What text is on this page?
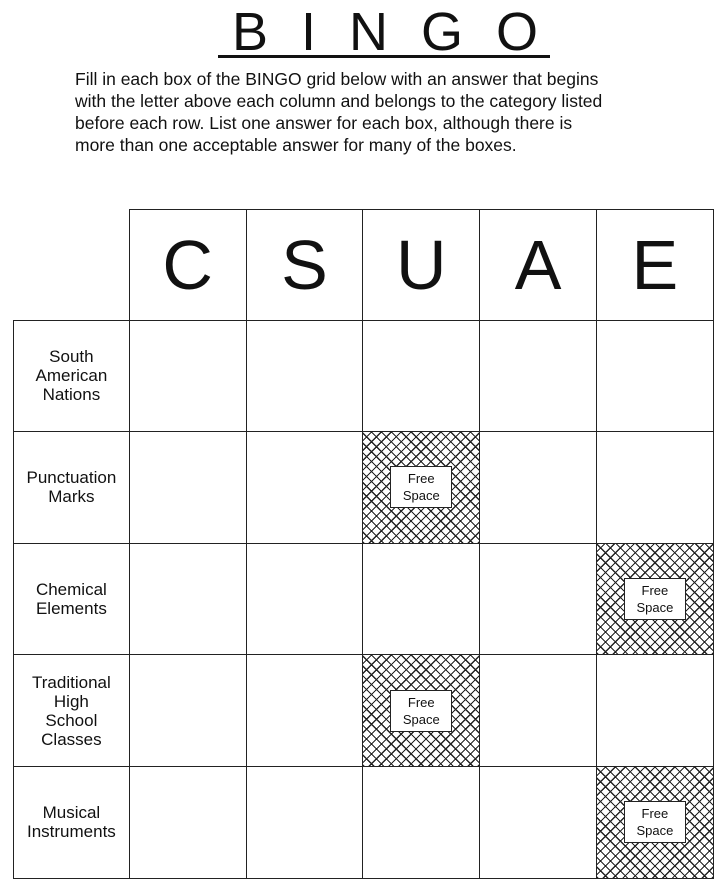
B I N G O
Fill in each box of the BINGO grid below with an answer that begins
with the letter above each column and belongs to the category listed
before each row. List one answer for each box, although there is
more than one acceptable answer for many of the boxes.
C S U A E
South
American
Nations
Punctuation
Marks
Free
Space
Chemical
Elements
Free
Space
Traditional
High
School
Classes
Free
Space
Musical
Instruments
Free
Space
